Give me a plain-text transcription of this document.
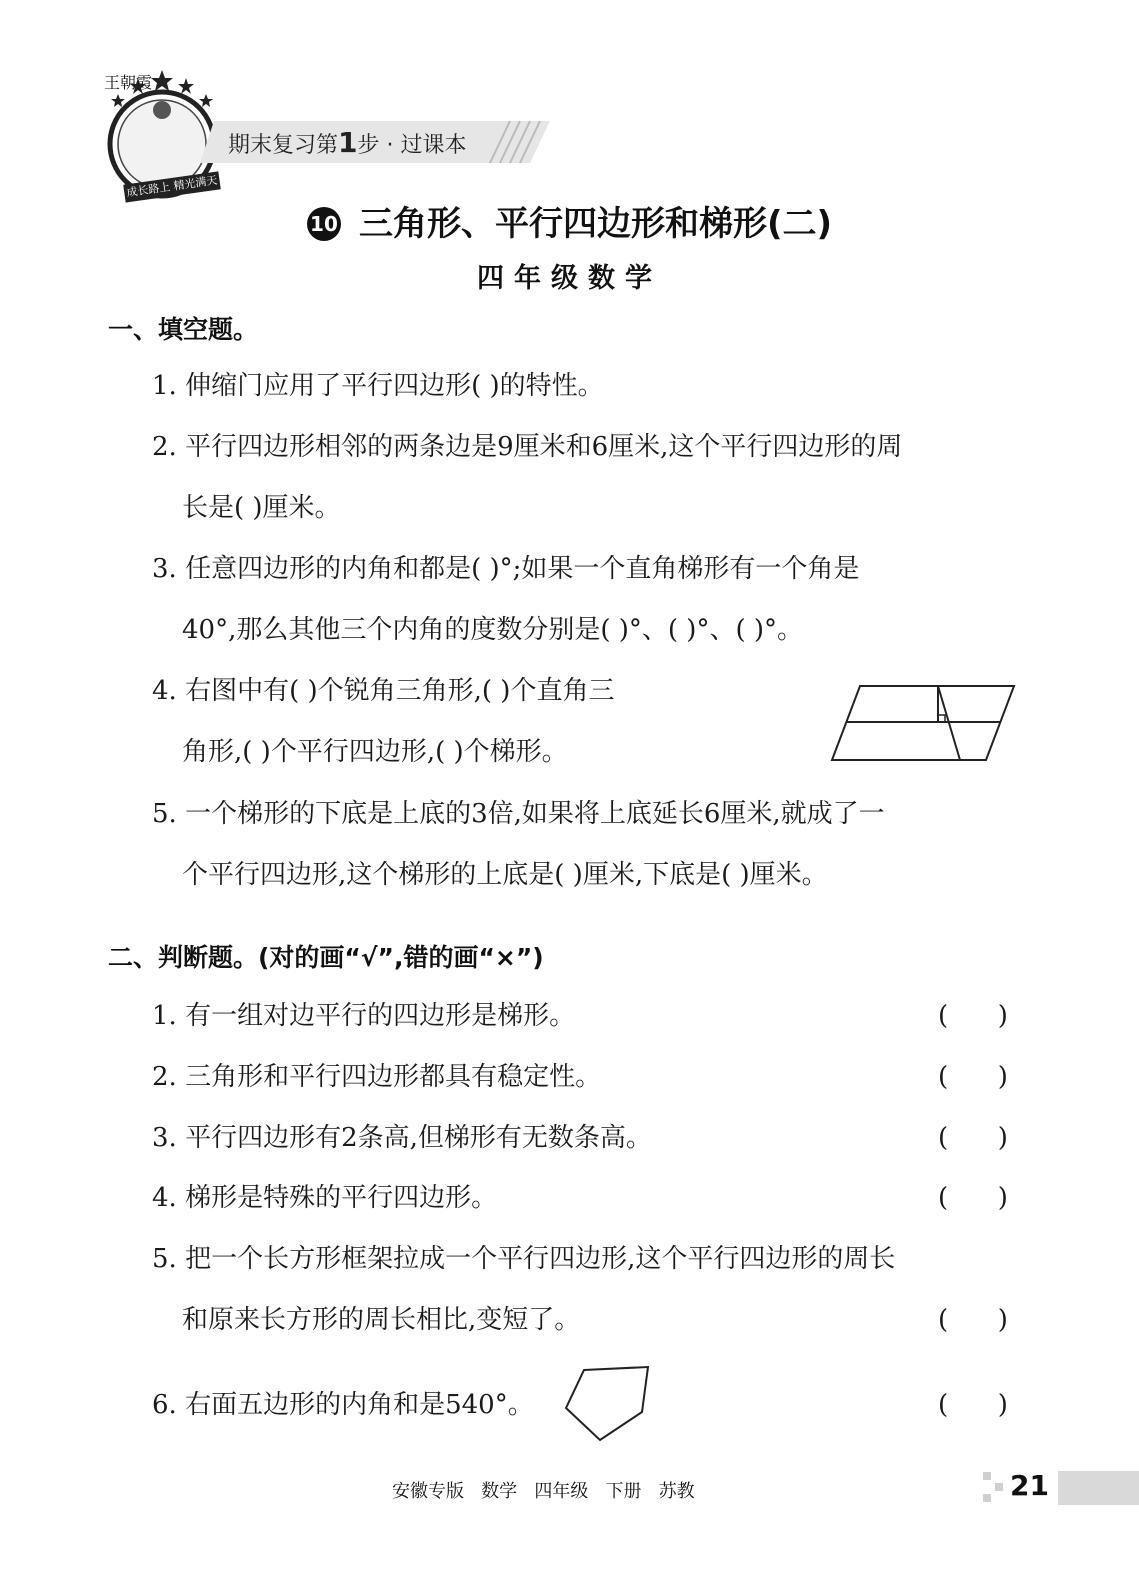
王朝霞
成长路上 精光满天
期末复习第1步 · 过课本
10 三角形、平行四边形和梯形(二)
四年级数学
一、填空题。
1. 伸缩门应用了平行四边形( )的特性。
2. 平行四边形相邻的两条边是9厘米和6厘米,这个平行四边形的周
长是( )厘米。
3. 任意四边形的内角和都是( )°;如果一个直角梯形有一个角是
40°,那么其他三个内角的度数分别是( )°、( )°、( )°。
4. 右图中有( )个锐角三角形,( )个直角三
角形,( )个平行四边形,( )个梯形。
5. 一个梯形的下底是上底的3倍,如果将上底延长6厘米,就成了一
个平行四边形,这个梯形的上底是( )厘米,下底是( )厘米。
二、判断题。(对的画“√”,错的画“×”)
1. 有一组对边平行的四边形是梯形。	(      )
2. 三角形和平行四边形都具有稳定性。	(      )
3. 平行四边形有2条高,但梯形有无数条高。	(      )
4. 梯形是特殊的平行四边形。	(      )
5. 把一个长方形框架拉成一个平行四边形,这个平行四边形的周长
和原来长方形的周长相比,变短了。	(      )
6. 右面五边形的内角和是540°。	(      )
安徽专版   数学   四年级   下册   苏教	21
